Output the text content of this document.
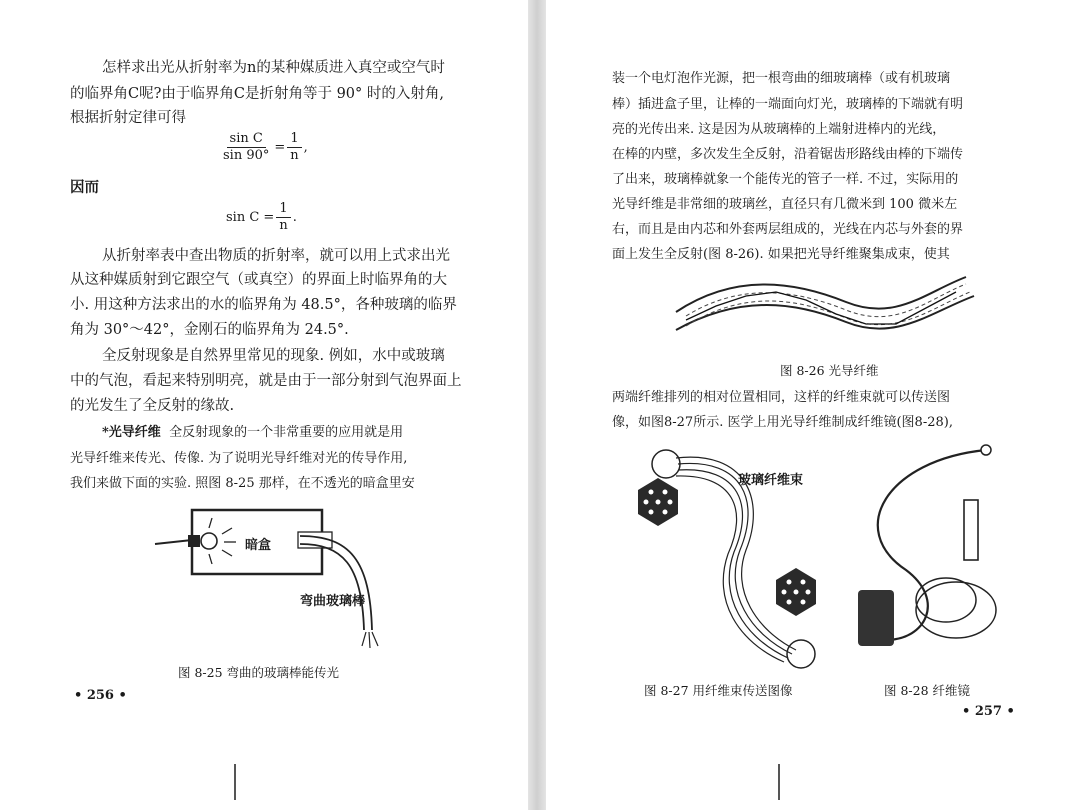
怎样求出光从折射率为n的某种媒质进入真空或空气时
的临界角C呢?由于临界角C是折射角等于 90° 时的入射角,
根据折射定律可得
$\frac{\text{sin C}}{\sin 90^\circ} = \frac{1}{n}$ ,
因而
$\sin C = \frac{1}{n}$ .
从折射率表中查出物质的折射率，就可以用上式求出光
从这种媒质射到它跟空气（或真空）的界面上时临界角的大
小. 用这种方法求出的水的临界角为 48.5°，各种玻璃的临界
角为 30°～42°，金刚石的临界角为 24.5°.
全反射现象是自然界里常见的现象. 例如，水中或玻璃
中的气泡，看起来特别明亮，就是由于一部分射到气泡界面上
的光发生了全反射的缘故.
*光导纤维 全反射现象的一个非常重要的应用就是用
光导纤维来传光、传像. 为了说明光导纤维对光的传导作用,
我们来做下面的实验. 照图 8-25 那样，在不透光的暗盒里安
暗盒
弯曲玻璃棒
图 8-25 弯曲的玻璃棒能传光
• 256 •
装一个电灯泡作光源，把一根弯曲的细玻璃棒（或有机玻璃
棒）插进盒子里，让棒的一端面向灯光，玻璃棒的下端就有明
亮的光传出来. 这是因为从玻璃棒的上端射进棒内的光线，
在棒的内壁，多次发生全反射，沿着锯齿形路线由棒的下端传
了出来，玻璃棒就象一个能传光的管子一样. 不过，实际用的
光导纤维是非常细的玻璃丝，直径只有几微米到 100 微米左
右，而且是由内芯和外套两层组成的，光线在内芯与外套的界
面上发生全反射(图 8-26). 如果把光导纤维聚集成束，使其
图 8-26 光导纤维
两端纤维排列的相对位置相同，这样的纤维束就可以传送图
像，如图8-27所示. 医学上用光导纤维制成纤维镜(图8-28),
玻璃纤维束
图 8-27 用纤维束传送图像	图 8-28 纤维镜
• 257 •
